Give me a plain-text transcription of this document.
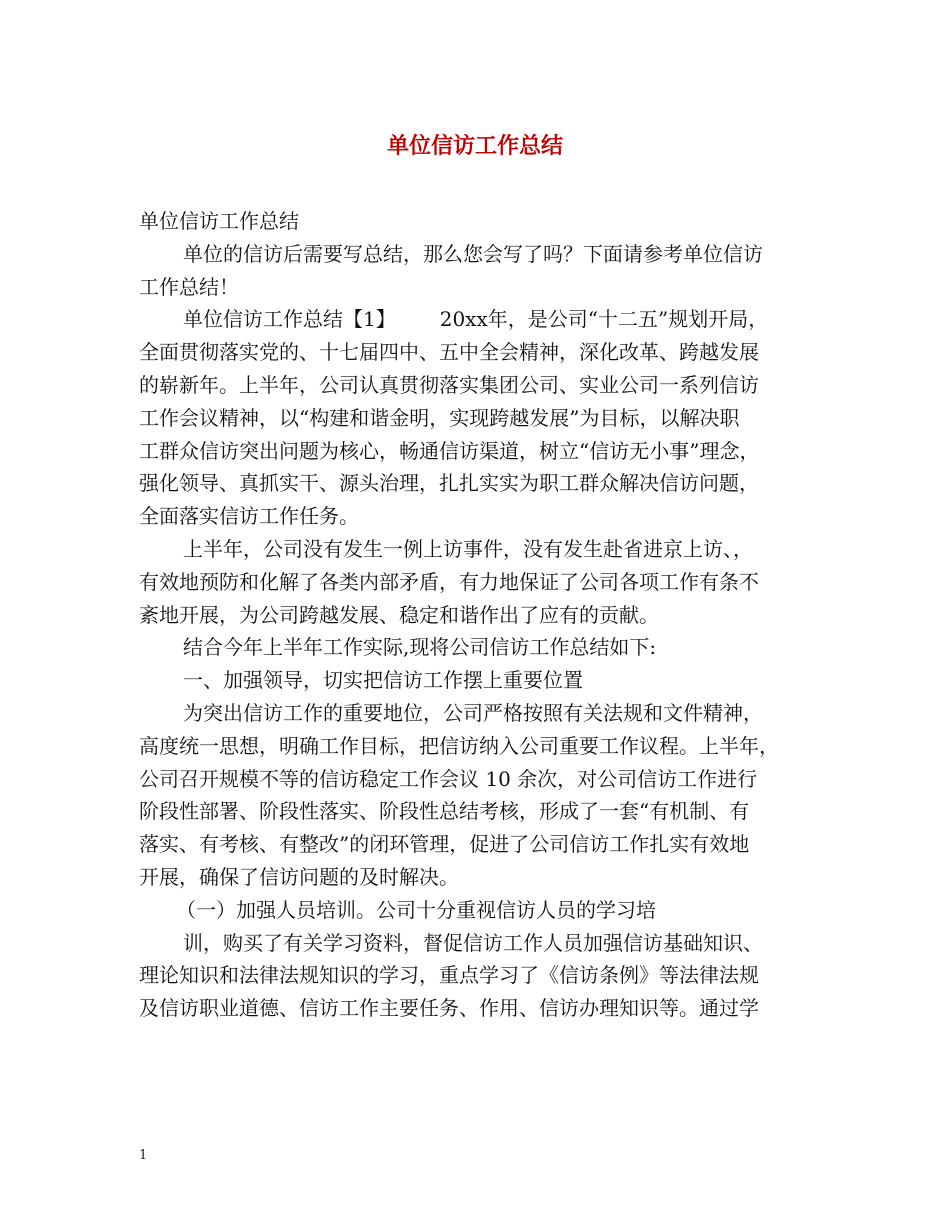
单位信访工作总结

单位信访工作总结

单位的信访后需要写总结，那么您会写了吗？下面请参考单位信访

工作总结！

单位信访工作总结【1】 20xx年，是公司“十二五”规划开局，

全面贯彻落实党的、十七届四中、五中全会精神，深化改革、跨越发展

的崭新年。上半年，公司认真贯彻落实集团公司、实业公司一系列信访

工作会议精神，以“构建和谐金明，实现跨越发展”为目标，以解决职

工群众信访突出问题为核心，畅通信访渠道，树立“信访无小事”理念，

强化领导、真抓实干、源头治理，扎扎实实为职工群众解决信访问题，

全面落实信访工作任务。

上半年，公司没有发生一例上访事件，没有发生赴省进京上访、，

有效地预防和化解了各类内部矛盾，有力地保证了公司各项工作有条不

紊地开展，为公司跨越发展、稳定和谐作出了应有的贡献。

结合今年上半年工作实际,现将公司信访工作总结如下:

一、加强领导，切实把信访工作摆上重要位置

为突出信访工作的重要地位，公司严格按照有关法规和文件精神，

高度统一思想，明确工作目标，把信访纳入公司重要工作议程。上半年，

公司召开规模不等的信访稳定工作会议 10 余次，对公司信访工作进行

阶段性部署、阶段性落实、阶段性总结考核，形成了一套“有机制、有

落实、有考核、有整改”的闭环管理，促进了公司信访工作扎实有效地

开展，确保了信访问题的及时解决。

（一）加强人员培训。公司十分重视信访人员的学习培

训，购买了有关学习资料，督促信访工作人员加强信访基础知识、

理论知识和法律法规知识的学习，重点学习了《信访条例》等法律法规

及信访职业道德、信访工作主要任务、作用、信访办理知识等。通过学

1
